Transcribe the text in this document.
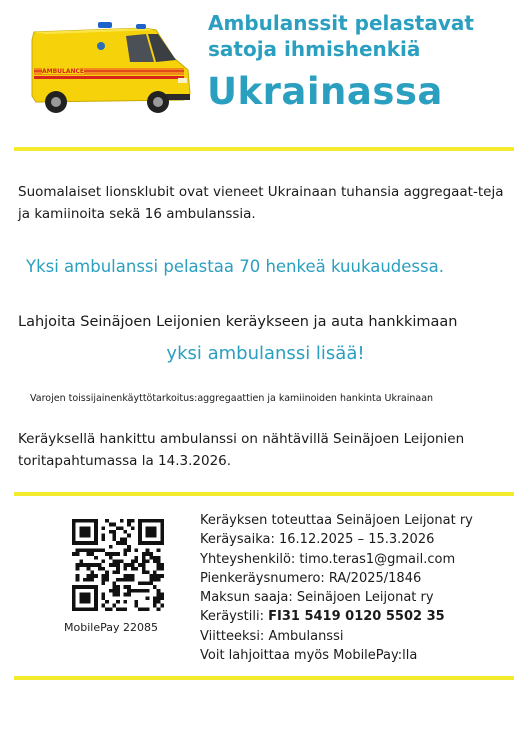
AMBULANCE
Ambulanssit pelastavat
satoja ihmishenkiä
Ukrainassa
Suomalaiset lionsklubit ovat vieneet Ukrainaan tuhansia aggregaat-teja ja kamiinoita sekä 16 ambulanssia.
Yksi ambulanssi pelastaa 70 henkeä kuukaudessa.
Lahjoita Seinäjoen Leijonien keräykseen ja auta hankkimaan
yksi ambulanssi lisää!
Varojen toissijainenkäyttötarkoitus:aggregaattien ja kamiinoiden hankinta Ukrainaan
Keräyksellä hankittu ambulanssi on nähtävillä Seinäjoen Leijonien toritapahtumassa la 14.3.2026.
MobilePay 22085
Keräyksen toteuttaa Seinäjoen Leijonat ry
Keräysaika: 16.12.2025 – 15.3.2026
Yhteyshenkilö: timo.teras1@gmail.com
Pienkeräysnumero: RA/2025/1846
Maksun saaja: Seinäjoen Leijonat ry
Keräystili: FI31 5419 0120 5502 35
Viitteeksi: Ambulanssi
Voit lahjoittaa myös MobilePay:lla
